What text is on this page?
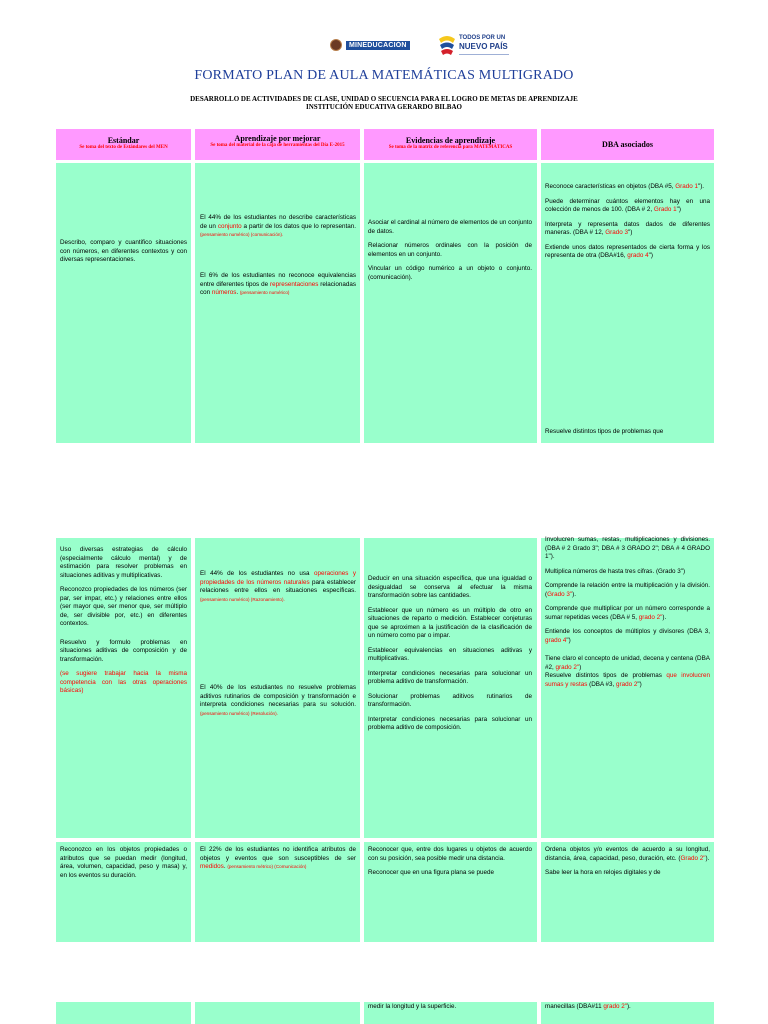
MINEDUCACIÓN
TODOS POR UN
NUEVO PAÍS
FORMATO PLAN DE AULA MATEMÁTICAS MULTIGRADO
DESARROLLO DE ACTIVIDADES DE CLASE, UNIDAD O SECUENCIA PARA EL LOGRO DE METAS DE APRENDIZAJE
INSTITUCIÓN EDUCATIVA GERARDO BILBAO
Estándar
Se toma del texto de Estándares del MEN
Aprendizaje por mejorar
Se toma del material de la caja de herramientas del Día E-2015
Evidencias de aprendizaje
Se toma de la matriz de referencia para MATEMÁTICAS	DBA asociados
Describo, comparo y cuantifico situaciones con números, en diferentes contextos y con diversas representaciones.
El 44% de los estudiantes no describe características de un conjunto a partir de los datos que lo representan. (pensamiento numérico) (comunicación).
El 6% de los estudiantes no reconoce equivalencias entre diferentes tipos de representaciones relacionadas con números. (pensamiento numérico)

Asociar el cardinal al número de elementos de un conjunto de datos.

Relacionar números ordinales con la posición de elementos en un conjunto.

Vincular un código numérico a un objeto o conjunto. (comunicación).

Reconoce características en objetos (DBA #5, Grado 1").

Puede determinar cuántos elementos hay en una colección de menos de 100. (DBA # 2, Grado 1")

Interpreta y representa datos dados de diferentes maneras. (DBA # 12, Grado 3")

Extiende unos datos representados de cierta forma y los representa de otra (DBA#16, grado 4")

Resuelve distintos tipos de problemas que

Uso diversas estrategias de cálculo (especialmente cálculo mental) y de estimación para resolver problemas en situaciones aditivas y multiplicativas.

Reconozco propiedades de los números (ser par, ser impar, etc.) y relaciones entre ellos (ser mayor que, ser menor que, ser múltiplo de, ser divisible por, etc.) en diferentes contextos.

Resuelvo y formulo problemas en situaciones aditivas de composición y de transformación.

(se sugiere trabajar hacia la misma competencia con las otras operaciones básicas)

El 44% de los estudiantes no usa operaciones y propiedades de los números naturales para establecer relaciones entre ellos en situaciones específicas. (pensamiento numérico) (Razonamiento).
El 40% de los estudiantes no resuelve problemas aditivos rutinarios de composición y transformación e interpreta condiciones necesarias para su solución. (pensamiento numérico) (Resolución).

Deducir en una situación específica, que una igualdad o desigualdad se conserva al efectuar la misma transformación sobre las cantidades.

Establecer que un número es un múltiplo de otro en situaciones de reparto o medición. Establecer conjeturas que se aproximen a la justificación de la clasificación de un número como par o impar.

Establecer equivalencias en situaciones aditivas y multiplicativas.

Interpretar condiciones necesarias para solucionar un problema aditivo de transformación.

Solucionar problemas aditivos rutinarios de transformación.

Interpretar condiciones necesarias para solucionar un problema aditivo de composición.

Involucren sumas, restas, multiplicaciones y divisiones. (DBA # 2 Grado 3"; DBA # 3 GRADO 2"; DBA # 4 GRADO 1").

Multiplica números de hasta tres cifras. (Grado 3")

Comprende la relación entre la multiplicación y la división. (Grado 3").

Comprende que multiplicar por un número corresponde a sumar repetidas veces (DBA # 5, grado 2").

Entiende los conceptos de múltiplos y divisores (DBA 3, grado 4")

Tiene claro el concepto de unidad, decena y centena (DBA #2, grado 2")
Resuelve distintos tipos de problemas que involucren sumas y restas (DBA #3, grado 2")

Reconozco en los objetos propiedades o atributos que se puedan medir (longitud, área, volumen, capacidad, peso y masa) y, en los eventos su duración.
El 22% de los estudiantes no identifica atributos de objetos y eventos que son susceptibles de ser medidos. (pensamiento métrico) (Comunicación)

Reconocer que, entre dos lugares u objetos de acuerdo con su posición, sea posible medir una distancia.

Reconocer que en una figura plana se puede

Ordena objetos y/o eventos de acuerdo a su longitud, distancia, área, capacidad, peso, duración, etc. (Grado 2").

Sabe leer la hora en relojes digitales y de

medir la longitud y la superficie.	manecillas (DBA#11 grado 2").
